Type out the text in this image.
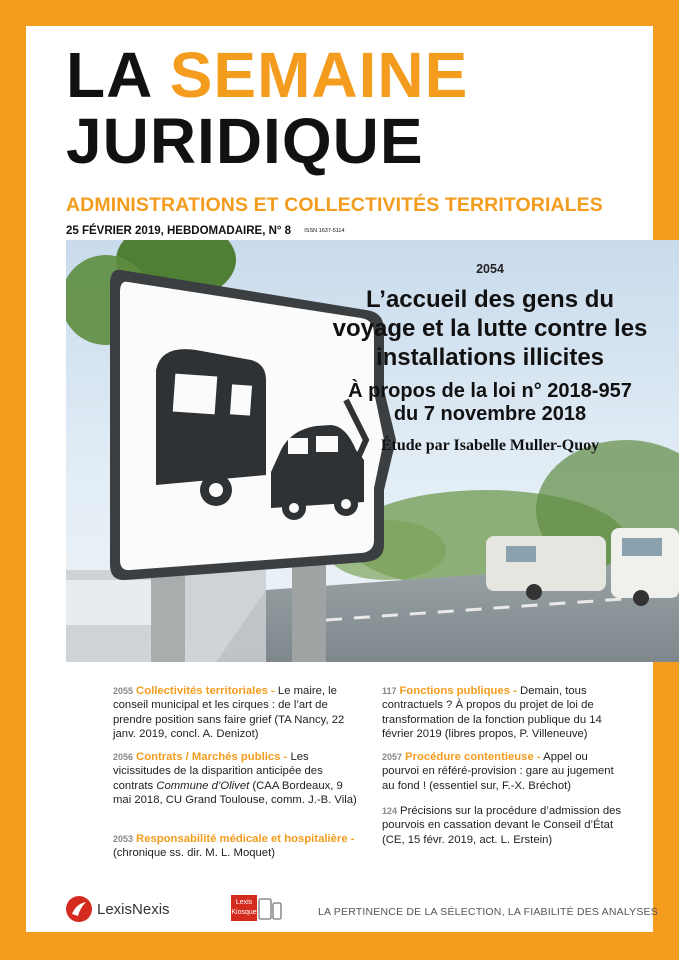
LA SEMAINE
JURIDIQUE
ADMINISTRATIONS ET COLLECTIVITÉS TERRITORIALES
25 FÉVRIER 2019, HEBDOMADAIRE, N° 8 ISSN 1637-5114
2054
L’accueil des gens du voyage et la lutte contre les installations illicites
À propos de la loi n° 2018-957 du 7 novembre 2018
Étude par Isabelle Muller-Quoy
2055 Collectivités territoriales - Le maire, le conseil municipal et les cirques : de l’art de prendre position sans faire grief (TA Nancy, 22 janv. 2019, concl. A. Denizot)
2056 Contrats / Marchés publics - Les vicissitudes de la disparition anticipée des contrats Commune d’Olivet (CAA Bordeaux, 9 mai 2018, CU Grand Toulouse, comm. J.-B. Vila)
2053 Responsabilité médicale et hospitalière - (chronique ss. dir. M. L. Moquet)
117 Fonctions publiques - Demain, tous contractuels ? À propos du projet de loi de transformation de la fonction publique du 14 février 2019 (libres propos, P. Villeneuve)
2057 Procédure contentieuse - Appel ou pourvoi en référé-provision : gare au jugement au fond ! (essentiel sur, F.-X. Bréchot)
124 Précisions sur la procédure d’admission des pourvois en cassation devant le Conseil d’État (CE, 15 févr. 2019, act. L. Erstein)
LexisNexis	Lexis
Kiosque	LA PERTINENCE DE LA SÉLECTION, LA FIABILITÉ DES ANALYSES
